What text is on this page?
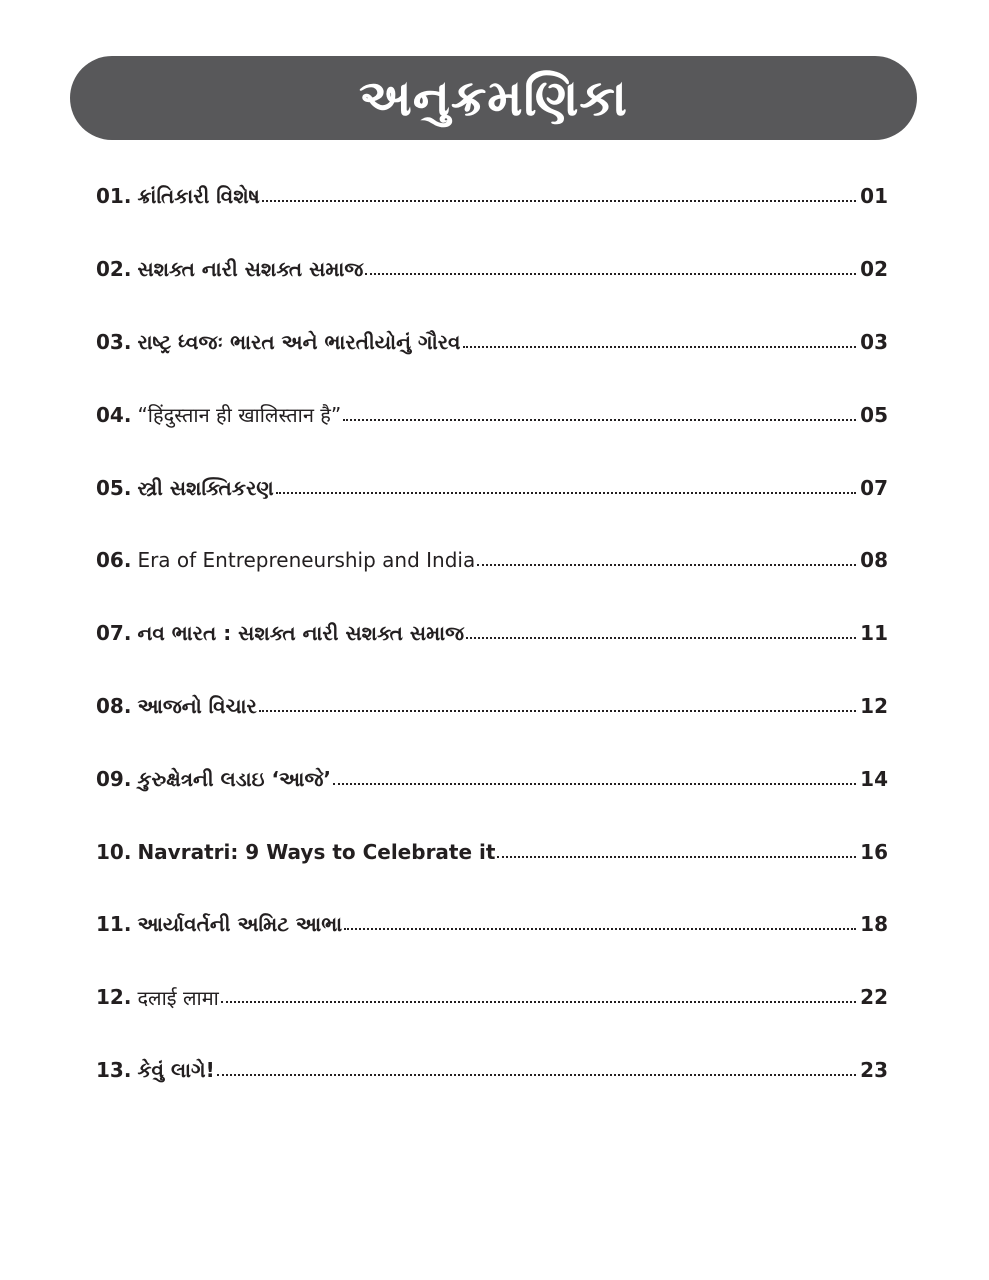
અનુક્રમણિકા
01. ક્રાંતિકારી વિશેષ	01
02. સશક્ત નારી સશક્ત સમાજ	02
03. રાષ્ટ્ર ધ્વજઃ ભારત અને ભારતીયોનું ગૌરવ	03
04. “हिंदुस्तान ही खालिस्तान है”	05
05. સ્ત્રી સશક્તિકરણ	07
06. Era of Entrepreneurship and India	08
07. નવ ભારત : સશક્ત નારી સશક્ત સમાજ	11
08. આજનો વિચાર	12
09. કુરુક્ષેત્રની લડાઇ ‘આજે’	14
10. Navratri: 9 Ways to Celebrate it	16
11. આર્યાવર્તની અમિટ આભા	18
12. दलाई लामा	22
13. કેવું લાગે!	23
